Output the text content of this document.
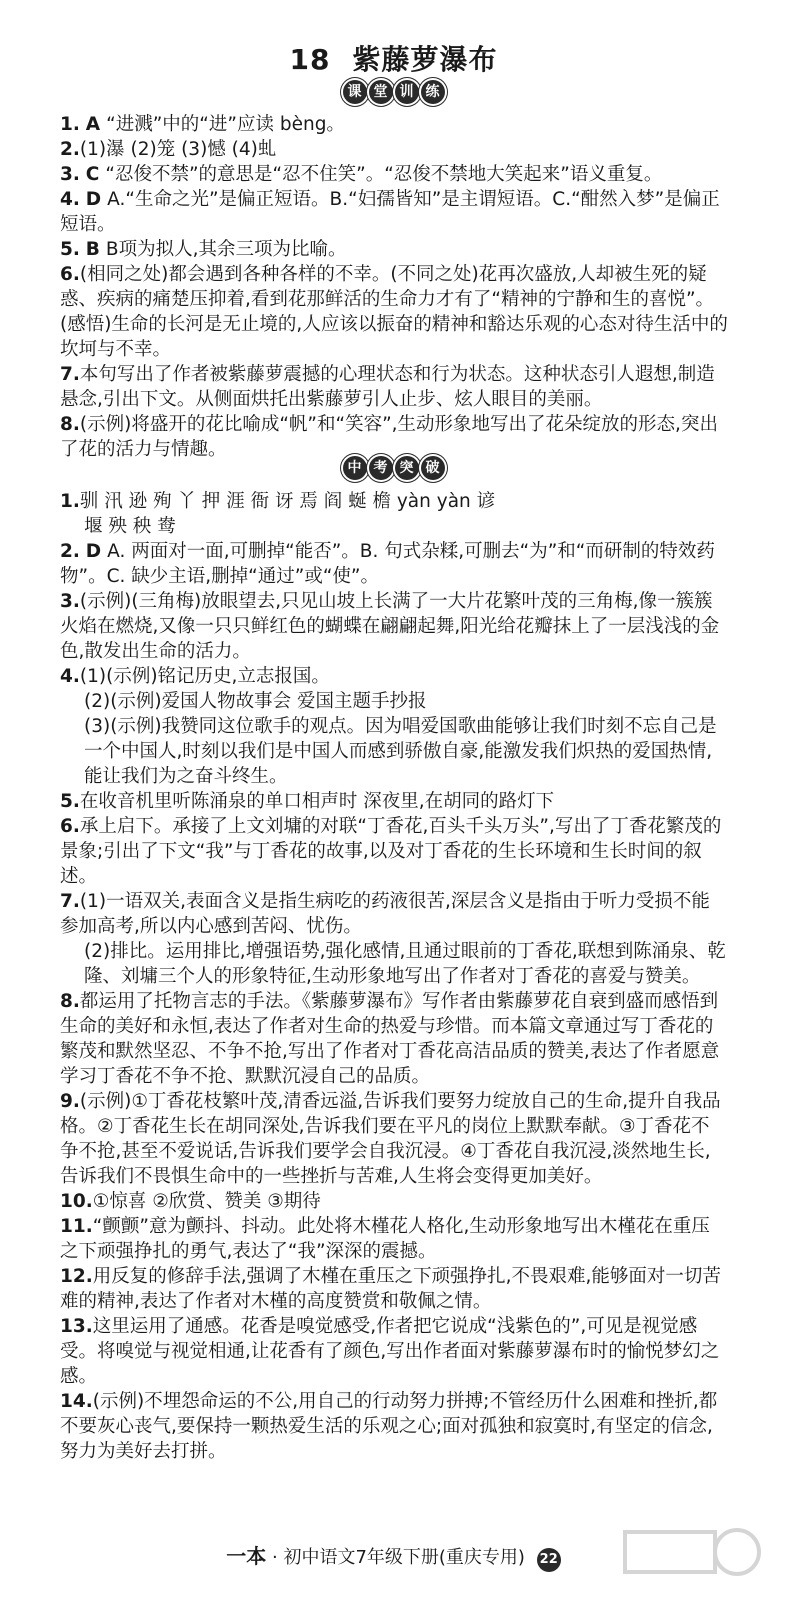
18 紫藤萝瀑布
课 堂 训 练
1. A “进溅”中的“进”应读 bèng。
2.(1)瀑 (2)笼 (3)憾 (4)虬
3. C “忍俊不禁”的意思是“忍不住笑”。“忍俊不禁地大笑起来”语义重复。
4. D A.“生命之光”是偏正短语。B.“妇孺皆知”是主谓短语。C.“酣然入梦”是偏正短语。
5. B B项为拟人,其余三项为比喻。
6.(相同之处)都会遇到各种各样的不幸。(不同之处)花再次盛放,人却被生死的疑惑、疾病的痛楚压抑着,看到花那鲜活的生命力才有了“精神的宁静和生的喜悦”。(感悟)生命的长河是无止境的,人应该以振奋的精神和豁达乐观的心态对待生活中的坎坷与不幸。
7.本句写出了作者被紫藤萝震撼的心理状态和行为状态。这种状态引人遐想,制造悬念,引出下文。从侧面烘托出紫藤萝引人止步、炫人眼目的美丽。
8.(示例)将盛开的花比喻成“帆”和“笑容”,生动形象地写出了花朵绽放的形态,突出了花的活力与情趣。
中 考 突 破
1.驯 汛 逊 殉 丫 押 涯 衙 讶 焉 阎 蜒 檐 yàn yàn 谚
堰 殃 秧 鸯
2. D A. 两面对一面,可删掉“能否”。B. 句式杂糅,可删去“为”和“而研制的特效药物”。C. 缺少主语,删掉“通过”或“使”。
3.(示例)(三角梅)放眼望去,只见山坡上长满了一大片花繁叶茂的三角梅,像一簇簇火焰在燃烧,又像一只只鲜红色的蝴蝶在翩翩起舞,阳光给花瓣抹上了一层浅浅的金色,散发出生命的活力。
4.(1)(示例)铭记历史,立志报国。
(2)(示例)爱国人物故事会 爱国主题手抄报
(3)(示例)我赞同这位歌手的观点。因为唱爱国歌曲能够让我们时刻不忘自己是一个中国人,时刻以我们是中国人而感到骄傲自豪,能激发我们炽热的爱国热情,能让我们为之奋斗终生。
5.在收音机里听陈涌泉的单口相声时 深夜里,在胡同的路灯下
6.承上启下。承接了上文刘墉的对联“丁香花,百头千头万头”,写出了丁香花繁茂的景象;引出了下文“我”与丁香花的故事,以及对丁香花的生长环境和生长时间的叙述。
7.(1)一语双关,表面含义是指生病吃的药液很苦,深层含义是指由于听力受损不能参加高考,所以内心感到苦闷、忧伤。
(2)排比。运用排比,增强语势,强化感情,且通过眼前的丁香花,联想到陈涌泉、乾隆、刘墉三个人的形象特征,生动形象地写出了作者对丁香花的喜爱与赞美。
8.都运用了托物言志的手法。《紫藤萝瀑布》写作者由紫藤萝花自衰到盛而感悟到生命的美好和永恒,表达了作者对生命的热爱与珍惜。而本篇文章通过写丁香花的繁茂和默然坚忍、不争不抢,写出了作者对丁香花高洁品质的赞美,表达了作者愿意学习丁香花不争不抢、默默沉浸自己的品质。
9.(示例)①丁香花枝繁叶茂,清香远溢,告诉我们要努力绽放自己的生命,提升自我品格。②丁香花生长在胡同深处,告诉我们要在平凡的岗位上默默奉献。③丁香花不争不抢,甚至不爱说话,告诉我们要学会自我沉浸。④丁香花自我沉浸,淡然地生长,告诉我们不畏惧生命中的一些挫折与苦难,人生将会变得更加美好。
10.①惊喜 ②欣赏、赞美 ③期待
11.“颤颤”意为颤抖、抖动。此处将木槿花人格化,生动形象地写出木槿花在重压之下顽强挣扎的勇气,表达了“我”深深的震撼。
12.用反复的修辞手法,强调了木槿在重压之下顽强挣扎,不畏艰难,能够面对一切苦难的精神,表达了作者对木槿的高度赞赏和敬佩之情。
13.这里运用了通感。花香是嗅觉感受,作者把它说成“浅紫色的”,可见是视觉感受。将嗅觉与视觉相通,让花香有了颜色,写出作者面对紫藤萝瀑布时的愉悦梦幻之感。
14.(示例)不埋怨命运的不公,用自己的行动努力拼搏;不管经历什么困难和挫折,都不要灰心丧气,要保持一颗热爱生活的乐观之心;面对孤独和寂寞时,有坚定的信念,努力为美好去打拼。
一本 · 初中语文7年级下册(重庆专用) 22
